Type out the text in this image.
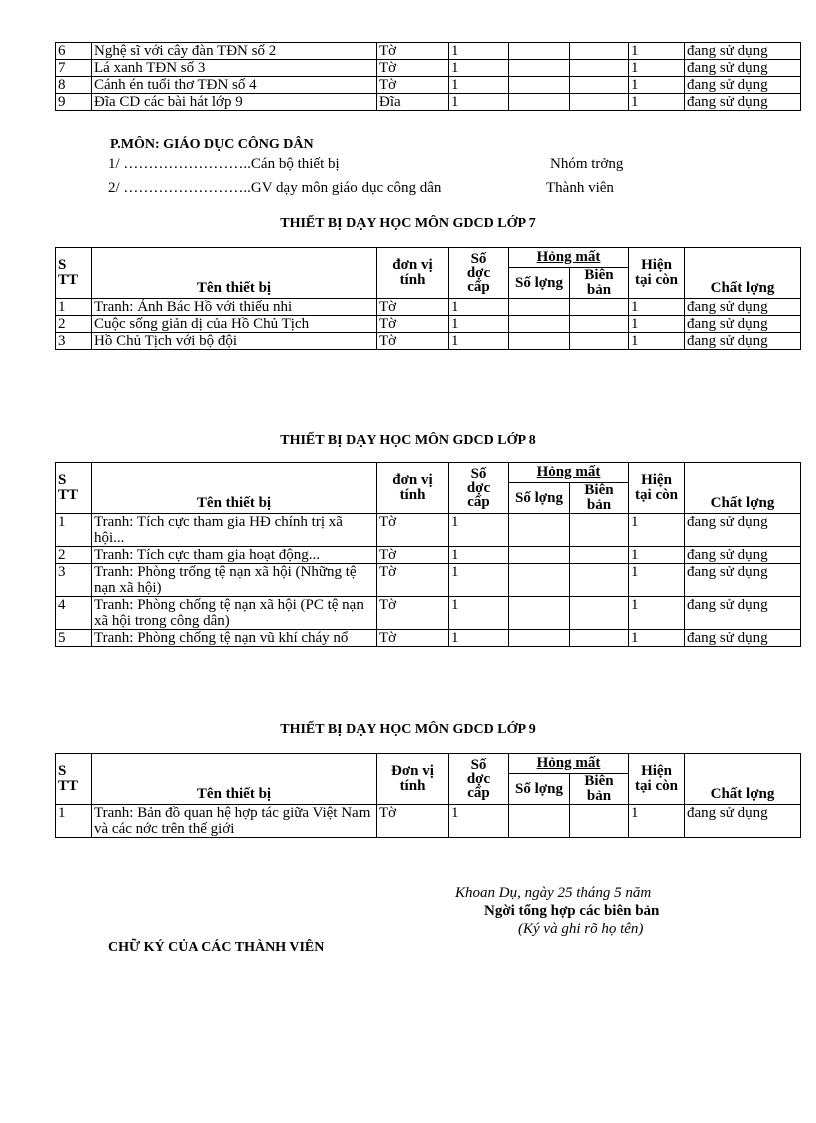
6	Nghệ sĩ với cây đàn TĐN số 2	Tờ	1			1	đang sử dụng
7	Lá xanh TĐN số 3	Tờ	1			1	đang sử dụng
8	Cánh én tuổi thơ TĐN số 4	Tờ	1			1	đang sử dụng
9	Đĩa CD các bài hát lớp 9	Đĩa	1			1	đang sử dụng
P.MÔN: GIÁO DỤC CÔNG DÂN
1/ ……………………..Cán bộ thiết bị	Nhóm trởng
2/ ……………………..GV dạy môn giáo dục công dân	Thành viên
THIẾT BỊ DẠY HỌC MÔN GDCD LỚP 7
S
TT	Tên thiết bị	đơn vị tính	Số
dợc
cấp	Hỏng mất		Hiện tại còn	Chất lợng
				Số lợng	Biên bản		
1	Tranh: Ảnh Bác Hồ với thiếu nhi	Tờ	1			1	đang sử dụng
2	Cuộc sống giản dị của Hồ Chủ Tịch	Tờ	1			1	đang sử dụng
3	Hồ Chủ Tịch với bộ đội	Tờ	1			1	đang sử dụng
THIẾT BỊ DẠY HỌC MÔN GDCD LỚP 8
S
TT	Tên thiết bị	đơn vị tính	Số
dợc
cấp	Hỏng mất		Hiện tại còn	Chất lợng
				Số lợng	Biên bản		
1	Tranh: Tích cực tham gia HĐ chính trị xã hội...	Tờ	1			1	đang sử dụng
2	Tranh: Tích cực tham gia hoạt động...	Tờ	1			1	đang sử dụng
3	Tranh: Phòng trống tệ nạn xã hội (Những tệ nạn xã hội)	Tờ	1			1	đang sử dụng
4	Tranh: Phòng chống tệ nạn xã hội (PC tệ nạn xã hội trong công dân)	Tờ	1			1	đang sử dụng
5	Tranh: Phòng chống tệ nạn vũ khí cháy nổ	Tờ	1			1	đang sử dụng
THIẾT BỊ DẠY HỌC MÔN GDCD LỚP 9
S
TT	Tên thiết bị	Đơn vị tính	Số
dợc
cấp	Hỏng mất		Hiện tại còn	Chất lợng
				Số lợng	Biên bản		
1	Tranh: Bản đồ quan hệ hợp tác giữa Việt Nam và các nớc trên thế giới	Tờ	1			1	đang sử dụng
Khoan Dụ, ngày 25 tháng 5 năm
Ngời tổng hợp các biên bản
(Ký và ghi rõ họ tên)
CHỮ KÝ CỦA CÁC THÀNH VIÊN
